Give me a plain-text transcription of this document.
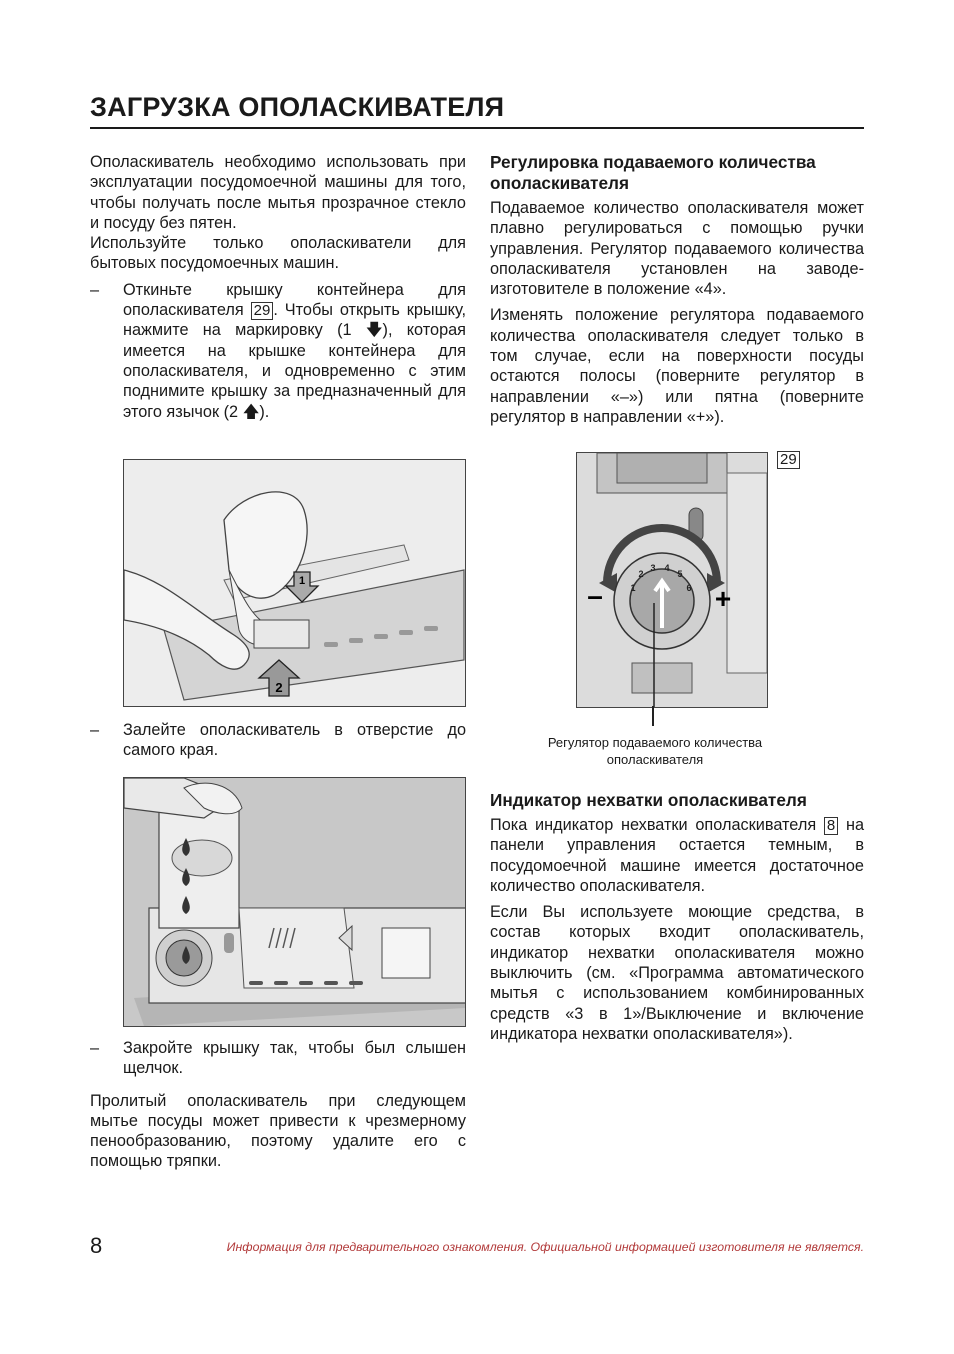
ЗАГРУЗКА ОПОЛАСКИВАТЕЛЯ

Ополаскиватель необходимо использовать при эксплуатации посудомоечной машины для того, чтобы получать после мытья прозрачное стекло и посуду без пятен.

Используйте только ополаскиватели для бытовых посудомоечных машин.

– Откиньте крышку контейнера для ополаскивателя 29 . Чтобы открыть крышку, нажмите на маркировку (1 🡇), которая имеется на крышке контейнера для ополаскивателя, и одновременно с этим поднимите крышку за предназначенный для этого язычок (2 🡅).
1
2
– Залейте ополаскиватель в отверстие до самого края.
– Закройте крышку так, чтобы был слышен щелчок.

Пролитый ополаскиватель при следующем мытье посуды может привести к чрезмерному пенообразованию, поэтому удалите его с помощью тряпки.

Регулировка подаваемого количества ополаскивателя

Подаваемое количество ополаскивателя может плавно регулироваться с помощью ручки управления. Регулятор подаваемого количества ополаскивателя установлен на заводе-изготовителе в положение «4».

Изменять положение регулятора подаваемого количества ополаскивателя следует только в том случае, если на поверхности посуды остаются полосы (поверните регулятор в направлении «–») или пятна (поверните регулятор в направлении «+»).

1
2
3 4
5
6
–	+
29
Регулятор подаваемого количества ополаскивателя
Индикатор нехватки ополаскивателя

Пока индикатор нехватки ополаскивателя 8 на панели управления остается темным, в посудомоечной машине имеется достаточное количество ополаскивателя.

Если Вы используете моющие средства, в состав которых входит ополаскиватель, индикатор нехватки ополаскивателя можно выключить (см. «Программа автоматического мытья с использованием комбинированных средств «3 в 1»/Выключение и включение индикатора нехватки ополаскивателя»).

8	Информация для предварительного ознакомления. Официальной информацией изготовителя не является.
